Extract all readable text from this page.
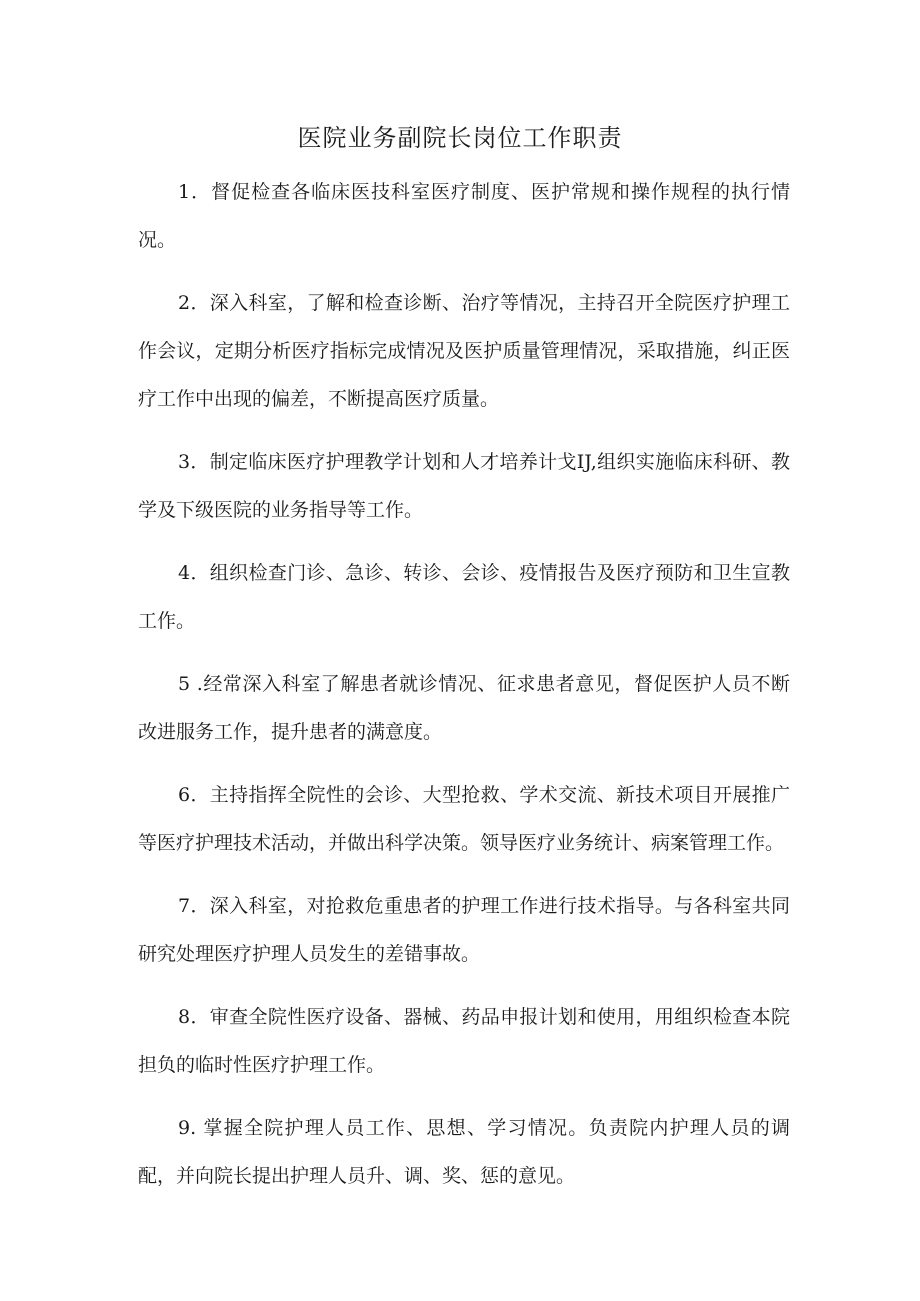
医院业务副院长岗位工作职责

1．督促检查各临床医技科室医疗制度、医护常规和操作规程的执行情况。

2．深入科室，了解和检查诊断、治疗等情况，主持召开全院医疗护理工作会议，定期分析医疗指标完成情况及医护质量管理情况，采取措施，纠正医疗工作中出现的偏差，不断提高医疗质量。

3．制定临床医疗护理教学计划和人才培养计戈IJ,组织实施临床科研、教学及下级医院的业务指导等工作。

4．组织检查门诊、急诊、转诊、会诊、疫情报告及医疗预防和卫生宣教工作。

5 .经常深入科室了解患者就诊情况、征求患者意见，督促医护人员不断改进服务工作，提升患者的满意度。

6．主持指挥全院性的会诊、大型抢救、学术交流、新技术项目开展推广等医疗护理技术活动，并做出科学决策。领导医疗业务统计、病案管理工作。

7．深入科室，对抢救危重患者的护理工作进行技术指导。与各科室共同研究处理医疗护理人员发生的差错事故。

8．审查全院性医疗设备、器械、药品申报计划和使用，用组织检查本院担负的临时性医疗护理工作。

9. 掌握全院护理人员工作、思想、学习情况。负责院内护理人员的调配，并向院长提出护理人员升、调、奖、惩的意见。
